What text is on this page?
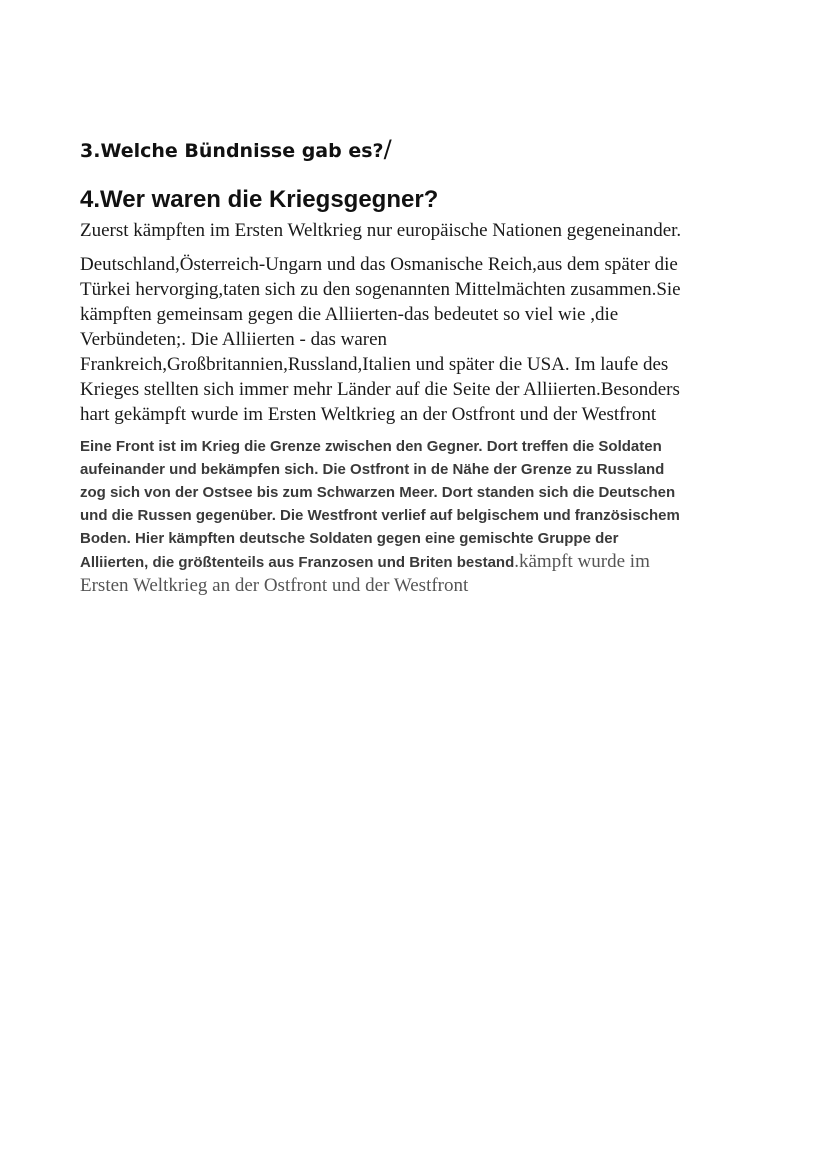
3.Welche Bündnisse gab es?/
4.Wer waren die Kriegsgegner?

Zuerst kämpften im Ersten Weltkrieg nur europäische Nationen gegeneinander.

Deutschland,Österreich-Ungarn und das Osmanische Reich,aus dem später die
Türkei hervorging,taten sich zu den sogenannten Mittelmächten zusammen.Sie
kämpften gemeinsam gegen die Alliierten-das bedeutet so viel wie ,die
Verbündeten;. Die Alliierten - das waren
Frankreich,Großbritannien,Russland,Italien und später die USA. Im laufe des
Krieges stellten sich immer mehr Länder auf die Seite der Alliierten.Besonders
hart gekämpft wurde im Ersten Weltkrieg an der Ostfront und der Westfront

Eine Front ist im Krieg die Grenze zwischen den Gegner. Dort treffen die Soldaten
aufeinander und bekämpfen sich. Die Ostfront in de Nähe der Grenze zu Russland
zog sich von der Ostsee bis zum Schwarzen Meer. Dort standen sich die Deutschen
und die Russen gegenüber. Die Westfront verlief auf belgischem und französischem
Boden. Hier kämpften deutsche Soldaten gegen eine gemischte Gruppe der
Alliierten, die größtenteils aus Franzosen und Briten bestand.kämpft wurde im
Ersten Weltkrieg an der Ostfront und der Westfront
